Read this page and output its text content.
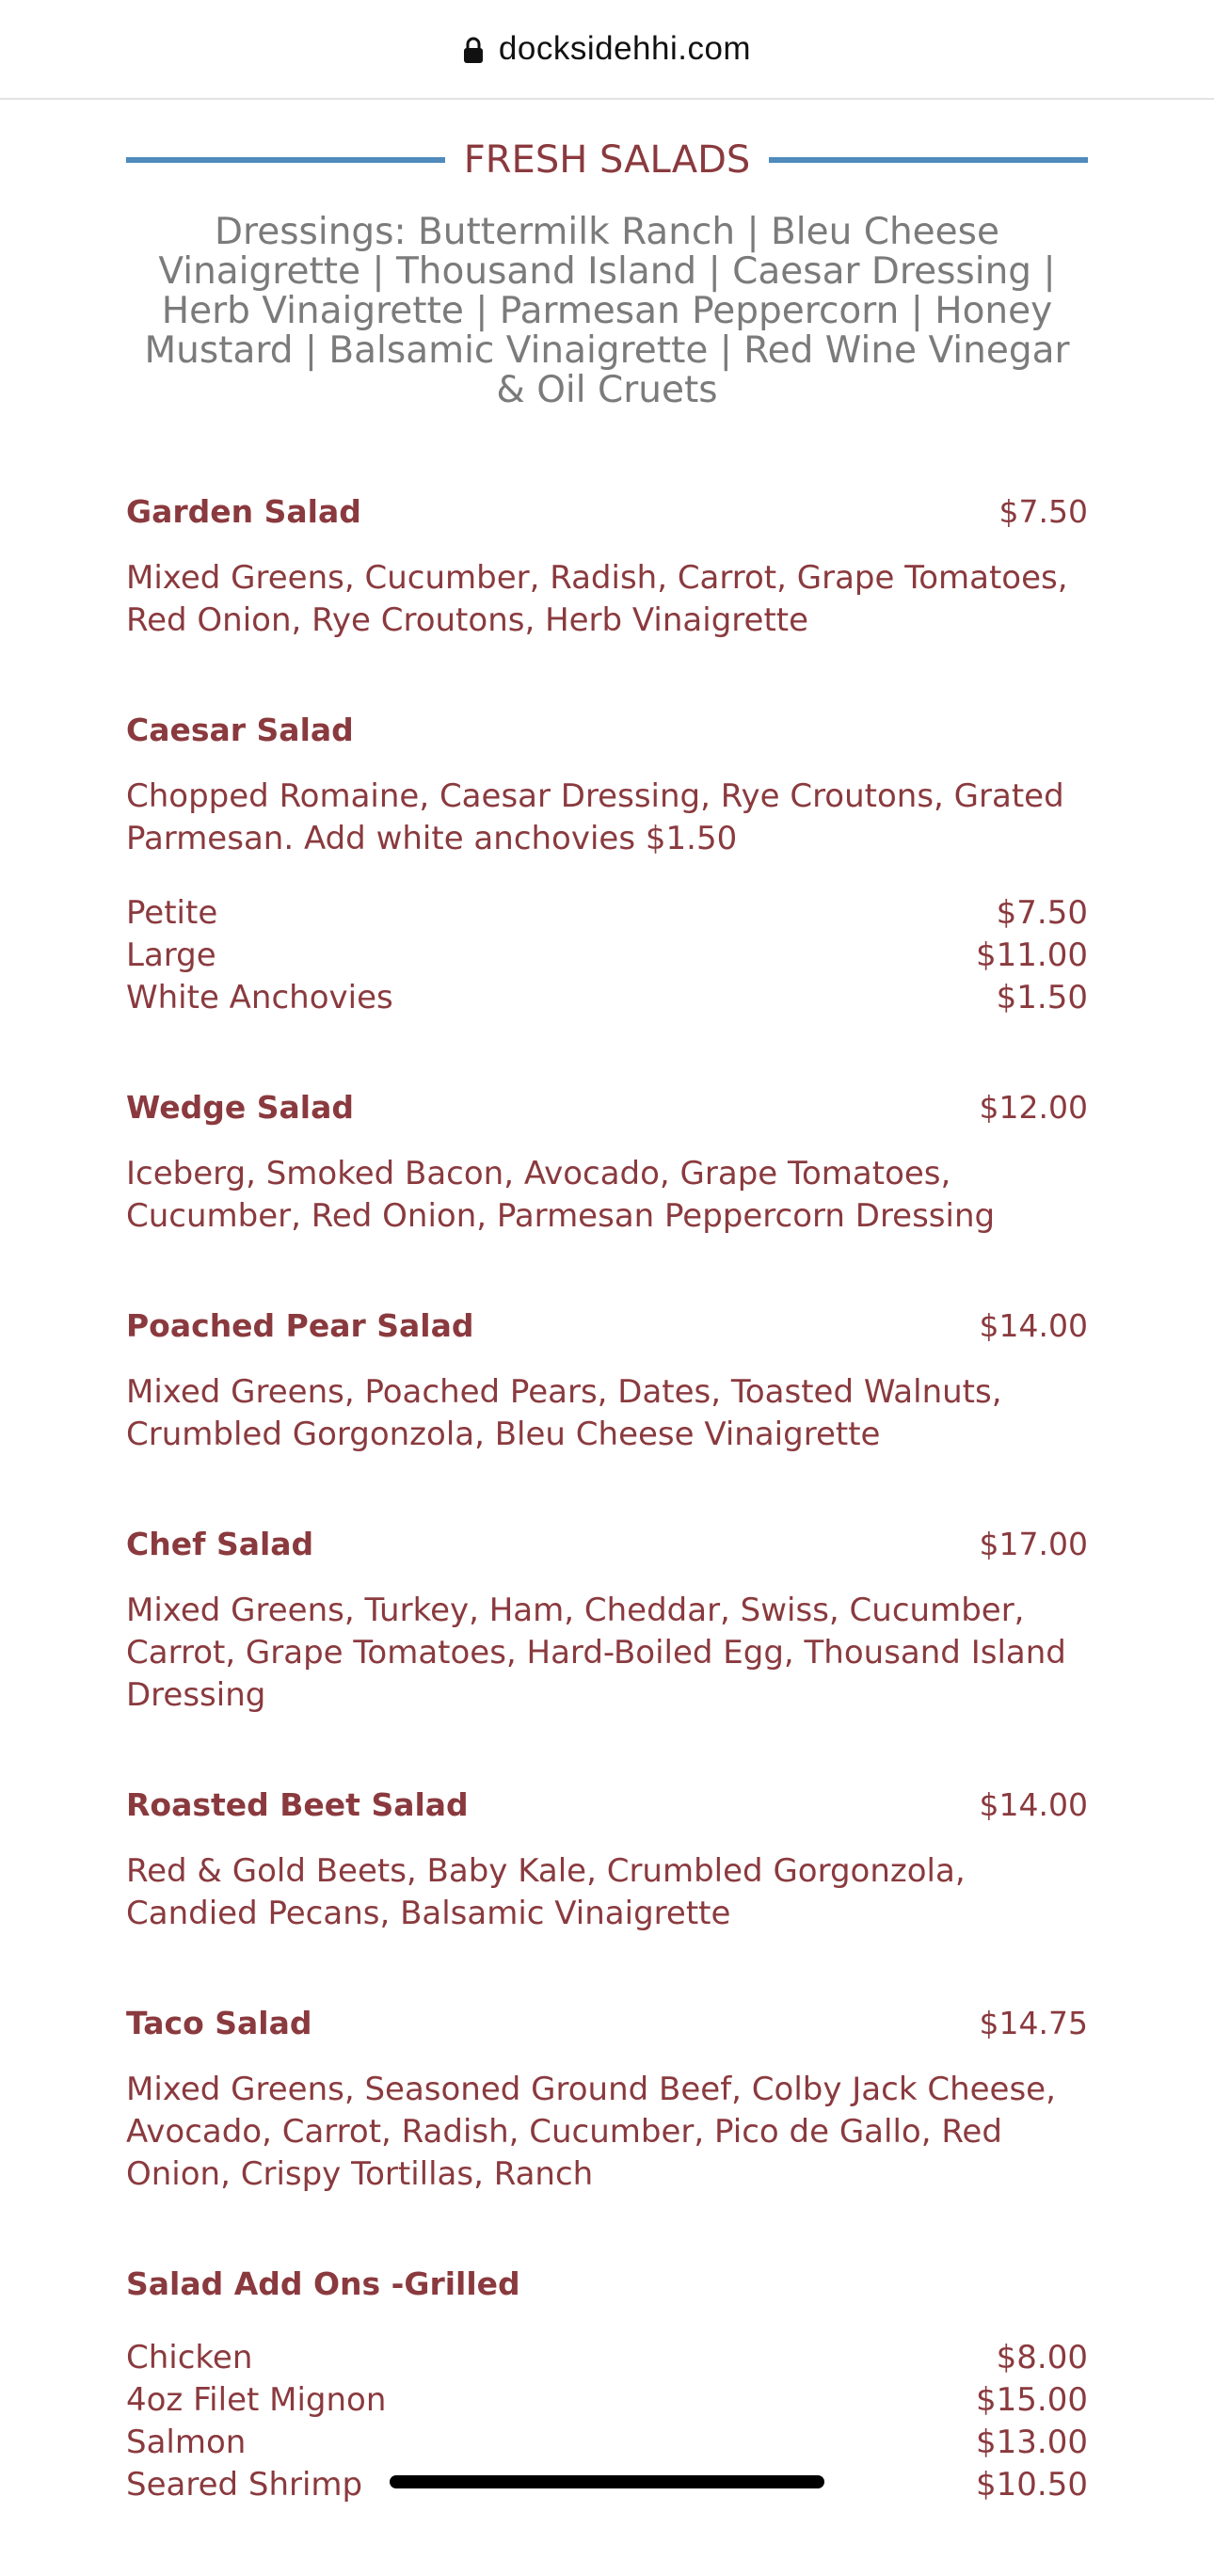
docksidehhi.com
FRESH SALADS
Dressings: Buttermilk Ranch | Bleu Cheese Vinaigrette | Thousand Island | Caesar Dressing | Herb Vinaigrette | Parmesan Peppercorn | Honey Mustard | Balsamic Vinaigrette | Red Wine Vinegar & Oil Cruets
Garden Salad	$7.50
Mixed Greens, Cucumber, Radish, Carrot, Grape Tomatoes, Red Onion, Rye Croutons, Herb Vinaigrette
Caesar Salad
Chopped Romaine, Caesar Dressing, Rye Croutons, Grated Parmesan. Add white anchovies $1.50
Petite	$7.50
Large	$11.00
White Anchovies	$1.50
Wedge Salad	$12.00
Iceberg, Smoked Bacon, Avocado, Grape Tomatoes, Cucumber, Red Onion, Parmesan Peppercorn Dressing
Poached Pear Salad	$14.00
Mixed Greens, Poached Pears, Dates, Toasted Walnuts, Crumbled Gorgonzola, Bleu Cheese Vinaigrette
Chef Salad	$17.00
Mixed Greens, Turkey, Ham, Cheddar, Swiss, Cucumber, Carrot, Grape Tomatoes, Hard-Boiled Egg, Thousand Island Dressing
Roasted Beet Salad	$14.00
Red & Gold Beets, Baby Kale, Crumbled Gorgonzola, Candied Pecans, Balsamic Vinaigrette
Taco Salad	$14.75
Mixed Greens, Seasoned Ground Beef, Colby Jack Cheese, Avocado, Carrot, Radish, Cucumber, Pico de Gallo, Red Onion, Crispy Tortillas, Ranch
Salad Add Ons -Grilled
Chicken	$8.00
4oz Filet Mignon	$15.00
Salmon	$13.00
Seared Shrimp	$10.50
